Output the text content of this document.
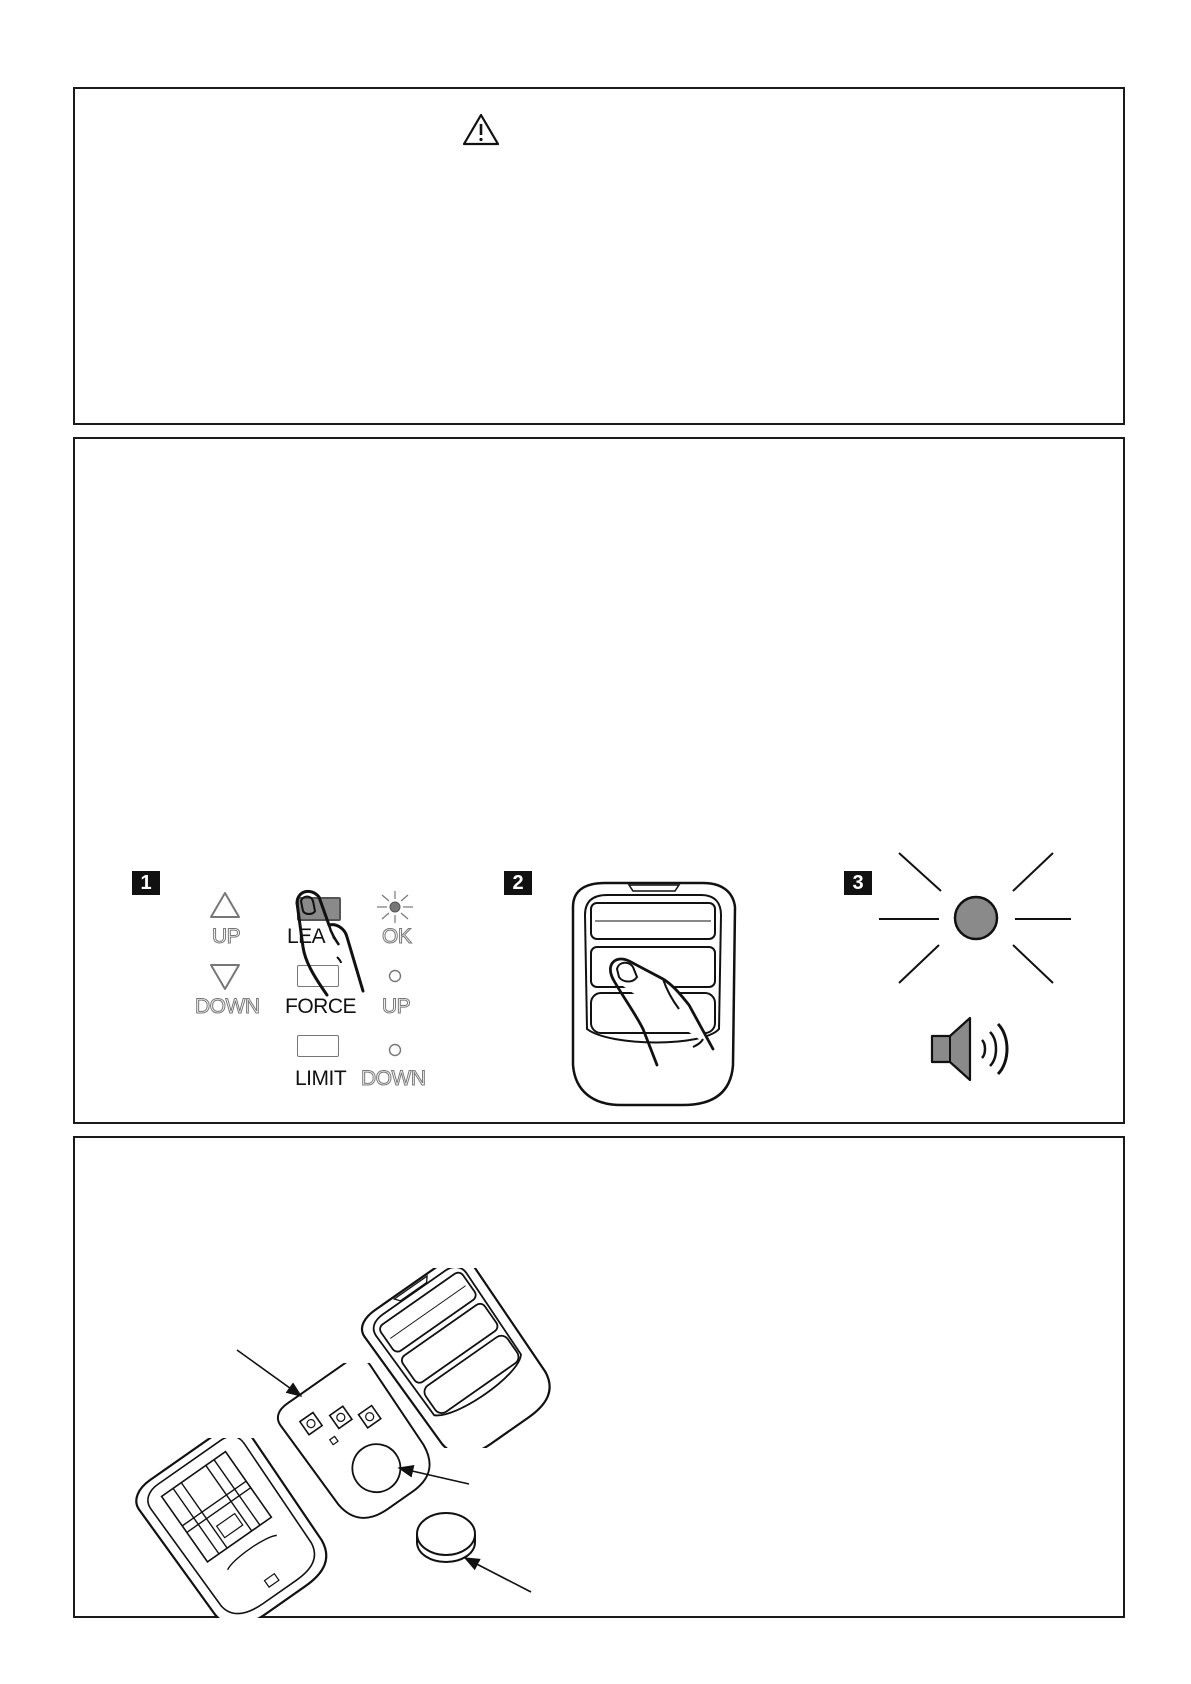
1
UP
DOWN
LEA
FORCE
LIMIT
OK
UP
DOWN
2	3
